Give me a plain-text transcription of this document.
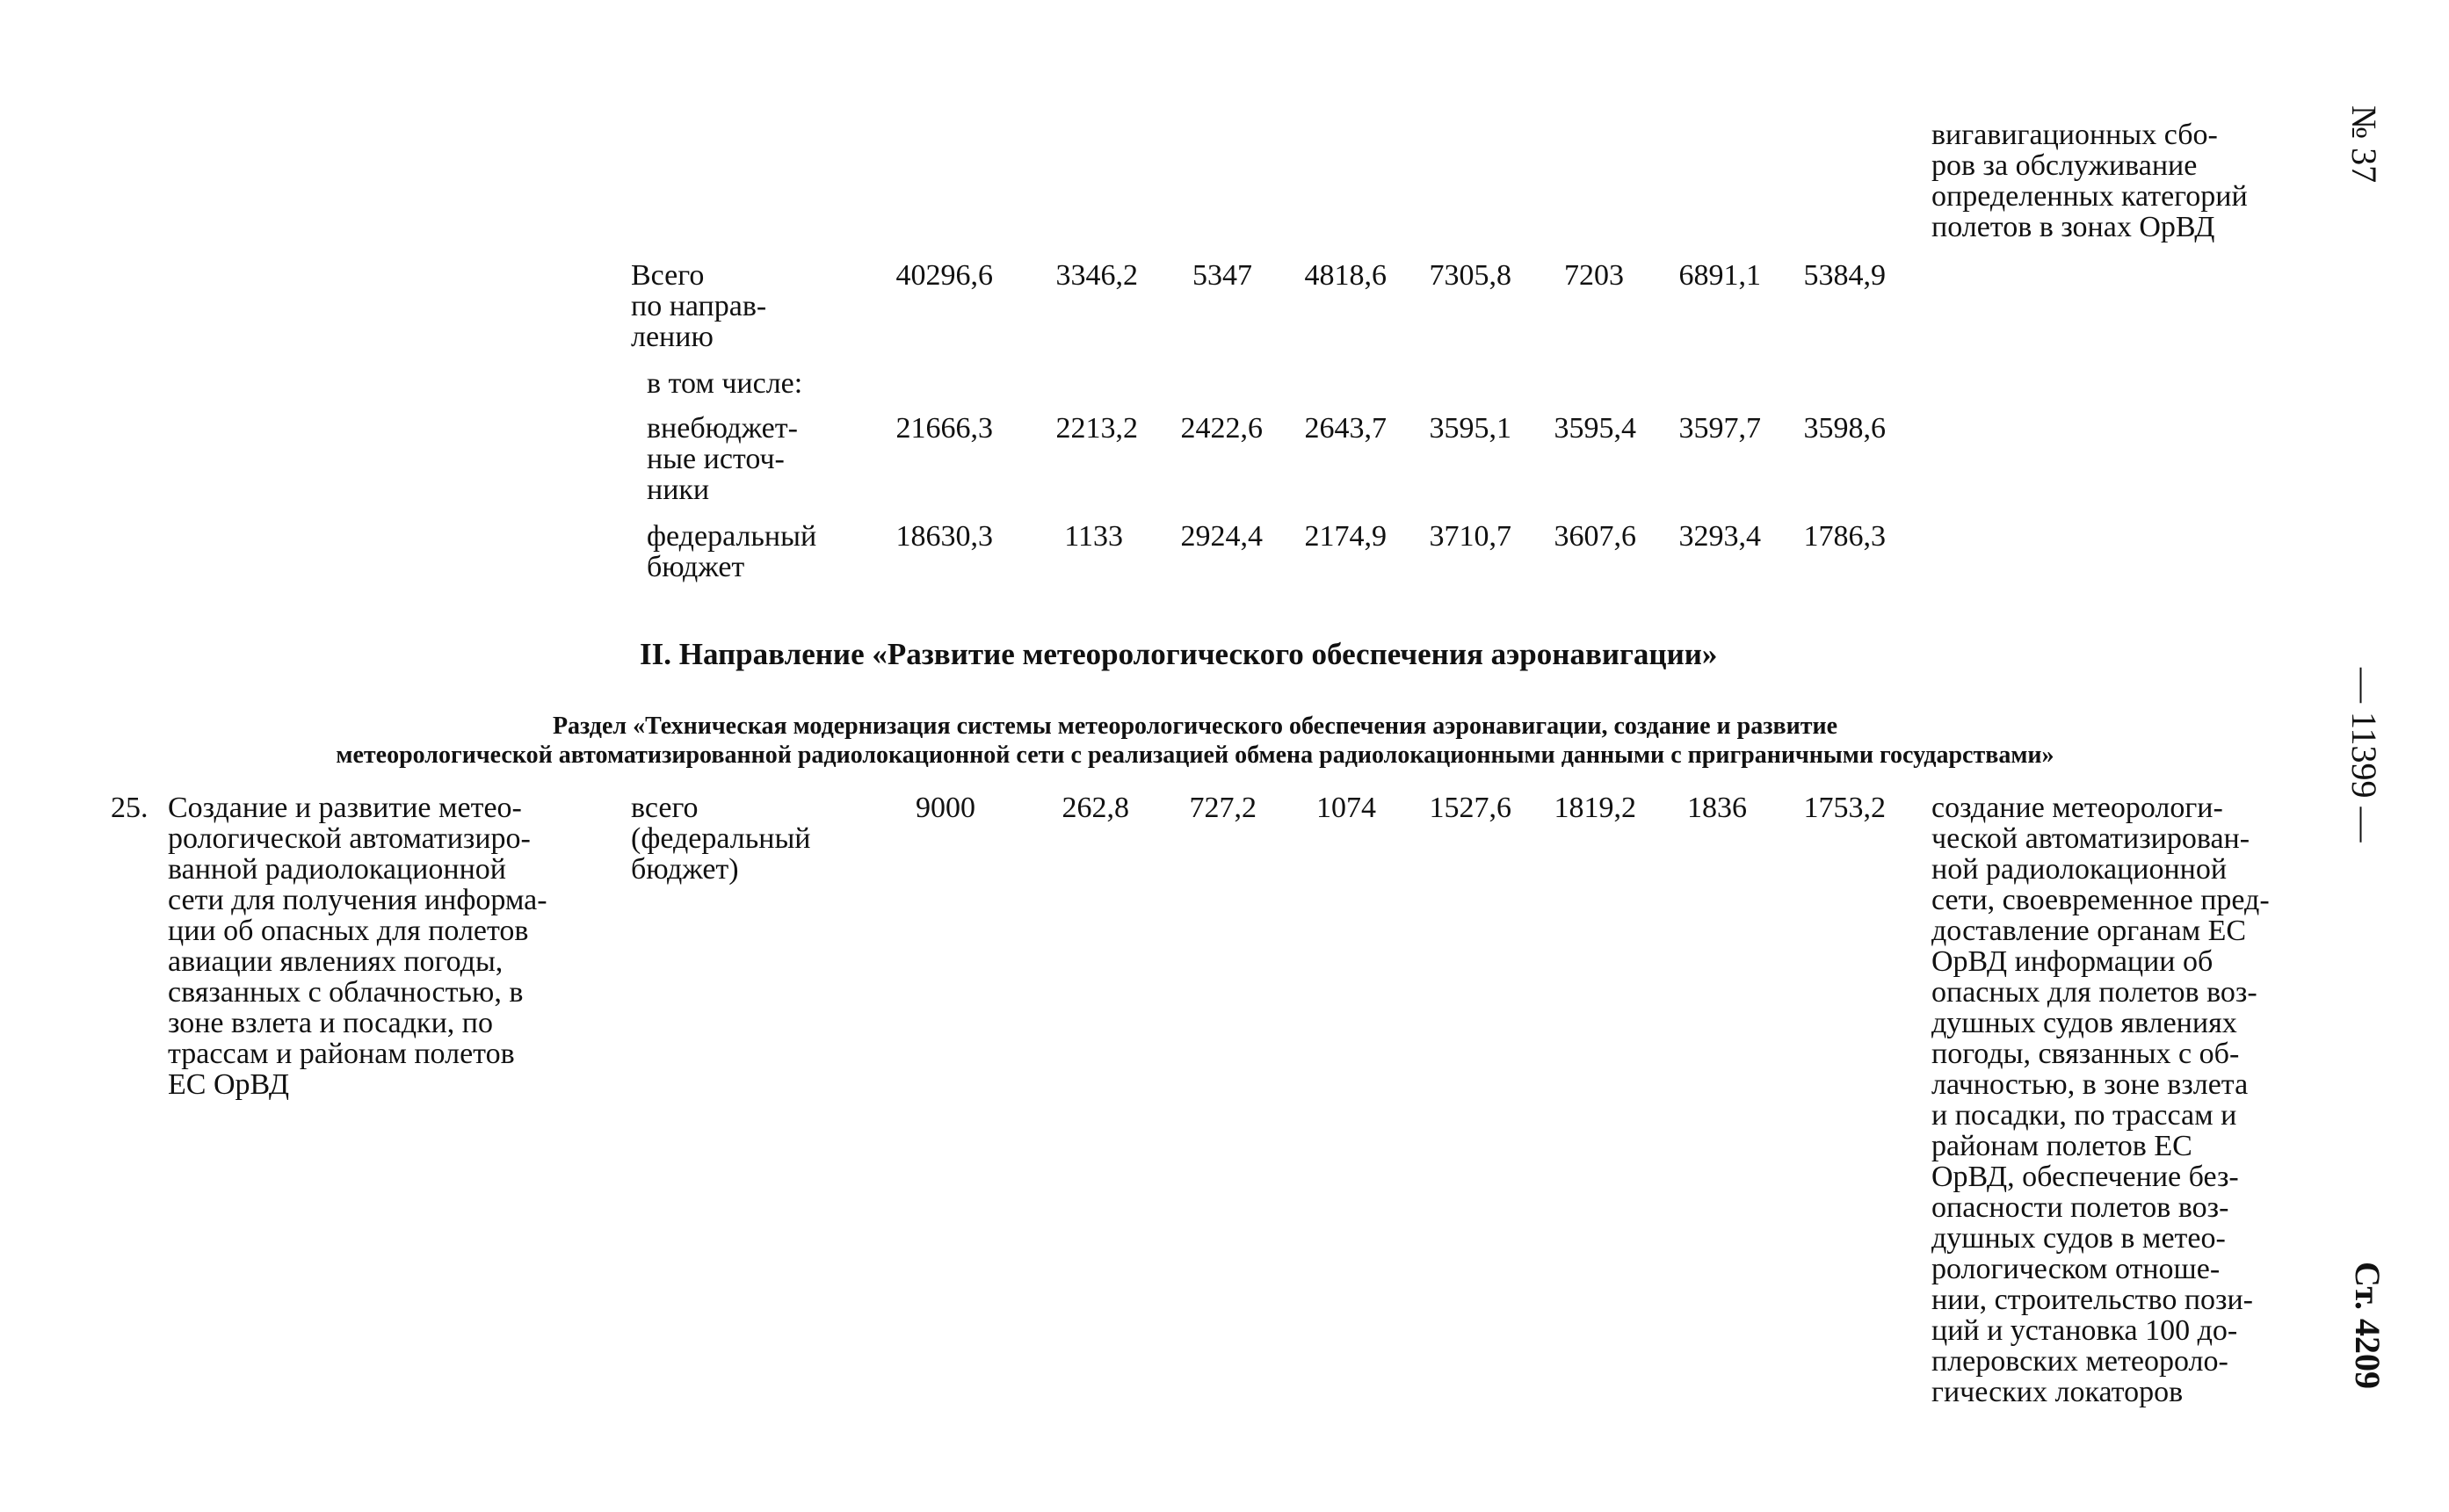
вигавигационных сбо-
ров за обслуживание
определенных категорий
полетов в зонах ОрВД
Всего
по направ-
лению
40296,6	3346,2	5347	4818,6	7305,8	7203	6891,1	5384,9
в том числе:
внебюджет-
ные источ-
ники
21666,3	2213,2	2422,6	2643,7	3595,1	3595,4	3597,7	3598,6
федеральный
бюджет
18630,3	1133	2924,4	2174,9	3710,7	3607,6	3293,4	1786,3
II. Направление «Развитие метеорологического обеспечения аэронавигации»
Раздел «Техническая модернизация системы метеорологического обеспечения аэронавигации, создание и развитие
метеорологической автоматизированной радиолокационной сети с реализацией обмена радиолокационными данными с приграничными государствами»
25. Создание и развитие метео-
рологической автоматизиро-
ванной радиолокационной
сети для получения информа-
ции об опасных для полетов
авиации явлениях погоды,
связанных с облачностью, в
зоне взлета и посадки, по
трассам и районам полетов
ЕС ОрВД
всего
(федеральный
бюджет)
9000	262,8	727,2	1074	1527,6	1819,2	1836	1753,2 создание метеорологи-
ческой автоматизирован-
ной радиолокационной
сети, своевременное пред-
доставление органам ЕС
ОрВД информации об
опасных для полетов воз-
душных судов явлениях
погоды, связанных с об-
лачностью, в зоне взлета
и посадки, по трассам и
районам полетов ЕС
ОрВД, обеспечение без-
опасности полетов воз-
душных судов в метео-
рологическом отноше-
нии, строительство пози-
ций и установка 100 до-
плеровских метеороло-
гических локаторов
№ 37
— 11399 —
Ст. 4209
